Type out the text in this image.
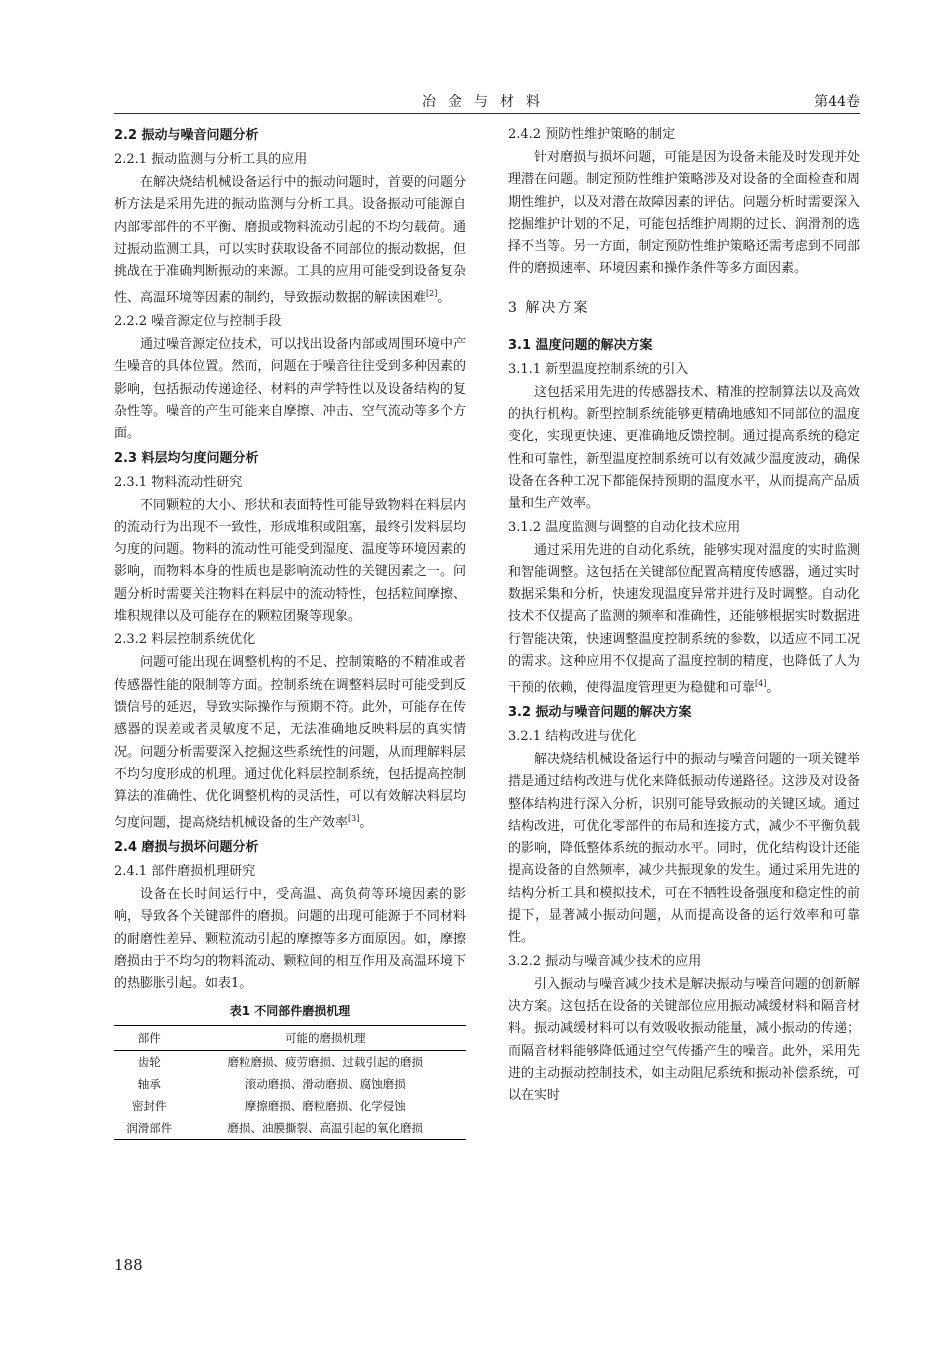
冶金与材料	第44卷
2.2 振动与噪音问题分析
2.2.1 振动监测与分析工具的应用

在解决烧结机械设备运行中的振动问题时，首要的问题分析方法是采用先进的振动监测与分析工具。设备振动可能源自内部零部件的不平衡、磨损或物料流动引起的不均匀载荷。通过振动监测工具，可以实时获取设备不同部位的振动数据，但挑战在于准确判断振动的来源。工具的应用可能受到设备复杂性、高温环境等因素的制约，导致振动数据的解读困难[2]。

2.2.2 噪音源定位与控制手段

通过噪音源定位技术，可以找出设备内部或周围环境中产生噪音的具体位置。然而，问题在于噪音往往受到多种因素的影响，包括振动传递途径、材料的声学特性以及设备结构的复杂性等。噪音的产生可能来自摩擦、冲击、空气流动等多个方面。

2.3 料层均匀度问题分析
2.3.1 物料流动性研究

不同颗粒的大小、形状和表面特性可能导致物料在料层内的流动行为出现不一致性，形成堆积或阻塞，最终引发料层均匀度的问题。物料的流动性可能受到湿度、温度等环境因素的影响，而物料本身的性质也是影响流动性的关键因素之一。问题分析时需要关注物料在料层中的流动特性，包括粒间摩擦、堆积规律以及可能存在的颗粒团聚等现象。

2.3.2 料层控制系统优化

问题可能出现在调整机构的不足、控制策略的不精准或者传感器性能的限制等方面。控制系统在调整料层时可能受到反馈信号的延迟，导致实际操作与预期不符。此外，可能存在传感器的误差或者灵敏度不足，无法准确地反映料层的真实情况。问题分析需要深入挖掘这些系统性的问题，从而理解料层不均匀度形成的机理。通过优化料层控制系统，包括提高控制算法的准确性、优化调整机构的灵活性，可以有效解决料层均匀度问题，提高烧结机械设备的生产效率[3]。

2.4 磨损与损坏问题分析
2.4.1 部件磨损机理研究

设备在长时间运行中，受高温、高负荷等环境因素的影响，导致各个关键部件的磨损。问题的出现可能源于不同材料的耐磨性差异、颗粒流动引起的摩擦等多方面原因。如，摩擦磨损由于不均匀的物料流动、颗粒间的相互作用及高温环境下的热膨胀引起。如表1。

表1 不同部件磨损机理
部件	可能的磨损机理
齿轮	磨粒磨损、疲劳磨损、过载引起的磨损
轴承	滚动磨损、滑动磨损、腐蚀磨损
密封件	摩擦磨损、磨粒磨损、化学侵蚀
润滑部件	磨损、油膜撕裂、高温引起的氧化磨损
2.4.2 预防性维护策略的制定

针对磨损与损坏问题，可能是因为设备未能及时发现并处理潜在问题。制定预防性维护策略涉及对设备的全面检查和周期性维护，以及对潜在故障因素的评估。问题分析时需要深入挖掘维护计划的不足，可能包括维护周期的过长、润滑剂的选择不当等。另一方面，制定预防性维护策略还需考虑到不同部件的磨损速率、环境因素和操作条件等多方面因素。

3 解决方案
3.1 温度问题的解决方案
3.1.1 新型温度控制系统的引入

这包括采用先进的传感器技术、精准的控制算法以及高效的执行机构。新型控制系统能够更精确地感知不同部位的温度变化，实现更快速、更准确地反馈控制。通过提高系统的稳定性和可靠性，新型温度控制系统可以有效减少温度波动，确保设备在各种工况下都能保持预期的温度水平，从而提高产品质量和生产效率。

3.1.2 温度监测与调整的自动化技术应用

通过采用先进的自动化系统，能够实现对温度的实时监测和智能调整。这包括在关键部位配置高精度传感器，通过实时数据采集和分析，快速发现温度异常并进行及时调整。自动化技术不仅提高了监测的频率和准确性，还能够根据实时数据进行智能决策，快速调整温度控制系统的参数，以适应不同工况的需求。这种应用不仅提高了温度控制的精度，也降低了人为干预的依赖，使得温度管理更为稳健和可靠[4]。

3.2 振动与噪音问题的解决方案
3.2.1 结构改进与优化

解决烧结机械设备运行中的振动与噪音问题的一项关键举措是通过结构改进与优化来降低振动传递路径。这涉及对设备整体结构进行深入分析，识别可能导致振动的关键区域。通过结构改进，可优化零部件的布局和连接方式，减少不平衡负载的影响，降低整体系统的振动水平。同时，优化结构设计还能提高设备的自然频率，减少共振现象的发生。通过采用先进的结构分析工具和模拟技术，可在不牺牲设备强度和稳定性的前提下，显著减小振动问题，从而提高设备的运行效率和可靠性。

3.2.2 振动与噪音减少技术的应用

引入振动与噪音减少技术是解决振动与噪音问题的创新解决方案。这包括在设备的关键部位应用振动减缓材料和隔音材料。振动减缓材料可以有效吸收振动能量，减小振动的传递；而隔音材料能够降低通过空气传播产生的噪音。此外，采用先进的主动振动控制技术，如主动阻尼系统和振动补偿系统，可以在实时

188
